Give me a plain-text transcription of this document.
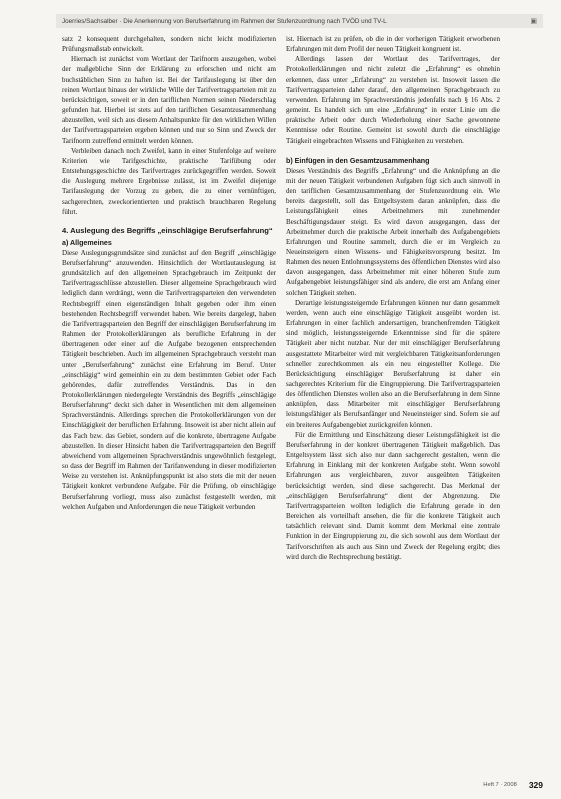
Joerries/Sachsalber · Die Anerkennung von Berufserfahrung im Rahmen der Stufenzuordnung nach TVÖD und TV-L	▣

satz 2 konsequent durchgehalten, sondern nicht leicht modifizierten Prüfungsmaßstab entwickelt.

Hiernach ist zunächst vom Wortlaut der Tarifnorm auszugehen, wobei der maßgebliche Sinn der Erklärung zu erforschen und nicht am buchstäblichen Sinn zu haften ist. Bei der Tarifauslegung ist über den reinen Wortlaut hinaus der wirkliche Wille der Tarifvertragsparteien mit zu berücksichtigen, soweit er in den tariflichen Normen seinen Niederschlag gefunden hat. Hierbei ist stets auf den tariflichen Gesamtzusammenhang abzustellen, weil sich aus diesem Anhaltspunkte für den wirklichen Willen der Tarifvertragsparteien ergeben können und nur so Sinn und Zweck der Tarifnorm zutreffend ermittelt werden können.

Verbleiben danach noch Zweifel, kann in einer Stufenfolge auf weitere Kriterien wie Tarifgeschichte, praktische Tarifübung oder Entstehungsgeschichte des Tarifvertrages zurückgegriffen werden. Soweit die Auslegung mehrere Ergebnisse zulässt, ist im Zweifel diejenige Tarifauslegung der Vorzug zu geben, die zu einer vernünftigen, sachgerechten, zweckorientierten und praktisch brauchbaren Regelung führt.

4. Auslegung des Begriffs „einschlägige Berufserfahrung“
a) Allgemeines

Diese Auslegungsgrundsätze sind zunächst auf den Begriff „einschlägige Berufserfahrung“ anzuwenden. Hinsichtlich der Wortlautauslegung ist grundsätzlich auf den allgemeinen Sprachgebrauch im Zeitpunkt der Tarifvertragsschlüsse abzustellen. Dieser allgemeine Sprachgebrauch wird lediglich dann verdrängt, wenn die Tarifvertragsparteien den verwendeten Rechtsbegriff einen eigenständigen Inhalt gegeben oder ihm einen bestehenden Rechtsbegriff verwendet haben. Wie bereits dargelegt, haben die Tarifvertragsparteien den Begriff der einschlägigen Berufserfahrung im Rahmen der Protokollerklärungen als berufliche Erfahrung in der übertragenen oder einer auf die Aufgabe bezogenen entsprechenden Tätigkeit beschrieben. Auch im allgemeinen Sprachgebrauch versteht man unter „Berufserfahrung“ zunächst eine Erfahrung im Beruf. Unter „einschlägig“ wird gemeinhin ein zu dem bestimmten Gebiet oder Fach gehörendes, dafür zutreffendes Verständnis. Das in den Protokollerklärungen niedergelegte Verständnis des Begriffs „einschlägige Berufserfahrung“ deckt sich daher in Wesentlichen mit dem allgemeinen Sprachverständnis. Allerdings sprechen die Protokollerklärungen von der Einschlägigkeit der beruflichen Erfahrung. Insoweit ist aber nicht allein auf das Fach bzw. das Gebiet, sondern auf die konkrete, übertragene Aufgabe abzustellen. In dieser Hinsicht haben die Tarifvertragsparteien den Begriff abweichend vom allgemeinen Sprachverständnis ungewöhnlich festgelegt, so dass der Begriff im Rahmen der Tarifanwendung in dieser modifizierten Weise zu verstehen ist. Anknüpfungspunkt ist also stets die mit der neuen Tätigkeit konkret verbundene Aufgabe. Für die Prüfung, ob einschlägige Berufserfahrung vorliegt, muss also zunächst festgestellt werden, mit welchen Aufgaben und Anforderungen die neue Tätigkeit verbunden

ist. Hiernach ist zu prüfen, ob die in der vorherigen Tätigkeit erworbenen Erfahrungen mit dem Profil der neuen Tätigkeit kongruent ist.

Allerdings lassen der Wortlaut des Tarifvertrages, der Protokollerklärungen und nicht zuletzt die „Erfahrung“ es ohnehin erkennen, dass unter „Erfahrung“ zu verstehen ist. Insoweit lassen die Tarifvertragsparteien daher darauf, den allgemeinen Sprachgebrauch zu verwenden. Erfahrung im Sprachverständnis jedenfalls nach § 16 Abs. 2 gemeint. Es handelt sich um eine „Erfahrung“ in erster Linie um die praktische Arbeit oder durch Wiederholung einer Sache gewonnene Kenntnisse oder Routine. Gemeint ist sowohl durch die einschlägige Tätigkeit eingebrachten Wissens und Fähigkeiten zu verstehen.

b) Einfügen in den Gesamtzusammenhang

Dieses Verständnis des Begriffs „Erfahrung“ und die Anknüpfung an die mit der neuen Tätigkeit verbundenen Aufgaben fügt sich auch sinnvoll in den tariflichen Gesamtzusammenhang der Stufenzuordnung ein. Wie bereits dargestellt, soll das Entgeltsystem daran anknüpfen, dass die Leistungsfähigkeit eines Arbeitnehmers mit zunehmender Beschäftigungsdauer steigt. Es wird davon ausgegangen, dass der Arbeitnehmer durch die praktische Arbeit innerhalb des Aufgabengebiets Erfahrungen und Routine sammelt, durch die er im Vergleich zu Neueinsteigern einen Wissens- und Fähigkeitsvorsprung besitzt. Im Rahmen des neuen Entlohnungssystems des öffentlichen Dienstes wird also davon ausgegangen, dass Arbeitnehmer mit einer höheren Stufe zum Aufgabengebiet leistungsfähiger sind als andere, die erst am Anfang einer solchen Tätigkeit stehen.

Derartige leistungssteigernde Erfahrungen können nur dann gesammelt werden, wenn auch eine einschlägige Tätigkeit ausgeübt worden ist. Erfahrungen in einer fachlich andersartigen, branchenfremden Tätigkeit sind möglich, leistungssteigernde Erkenntnisse sind für die spätere Tätigkeit aber nicht nutzbar. Nur der mit einschlägiger Berufserfahrung ausgestattete Mitarbeiter wird mit vergleichbaren Tätigkeitsanforderungen schneller zurechtkommen als ein neu eingestellter Kollege. Die Berücksichtigung einschlägiger Berufserfahrung ist daher ein sachgerechtes Kriterium für die Eingruppierung. Die Tarifvertragsparteien des öffentlichen Dienstes wollen also an die Berufserfahrung in dem Sinne anknüpfen, dass Mitarbeiter mit einschlägiger Berufserfahrung leistungsfähiger als Berufsanfänger und Neueinsteiger sind. Sofern sie auf ein breiteres Aufgabengebiet zurückgreifen können.

Für die Ermittlung und Einschätzung dieser Leistungsfähigkeit ist die Berufserfahrung in der konkret übertragenen Tätigkeit maßgeblich. Das Entgeltsystem lässt sich also nur dann sachgerecht gestalten, wenn die Erfahrung in Einklang mit der konkreten Aufgabe steht. Wenn sowohl Erfahrungen aus vergleichbaren, zuvor ausgeübten Tätigkeiten berücksichtigt werden, sind diese sachgerecht. Das Merkmal der „einschlägigen Berufserfahrung“ dient der Abgrenzung. Die Tarifvertragsparteien wollten lediglich die Erfahrung gerade in den Bereichen als vorteilhaft ansehen, die für die konkrete Tätigkeit auch tatsächlich relevant sind. Damit kommt dem Merkmal eine zentrale Funktion in der Eingruppierung zu, die sich sowohl aus dem Wortlaut der Tarifvorschriften als auch aus Sinn und Zweck der Regelung ergibt; dies wird durch die Rechtsprechung bestätigt.

Heft 7 · 2008 329
